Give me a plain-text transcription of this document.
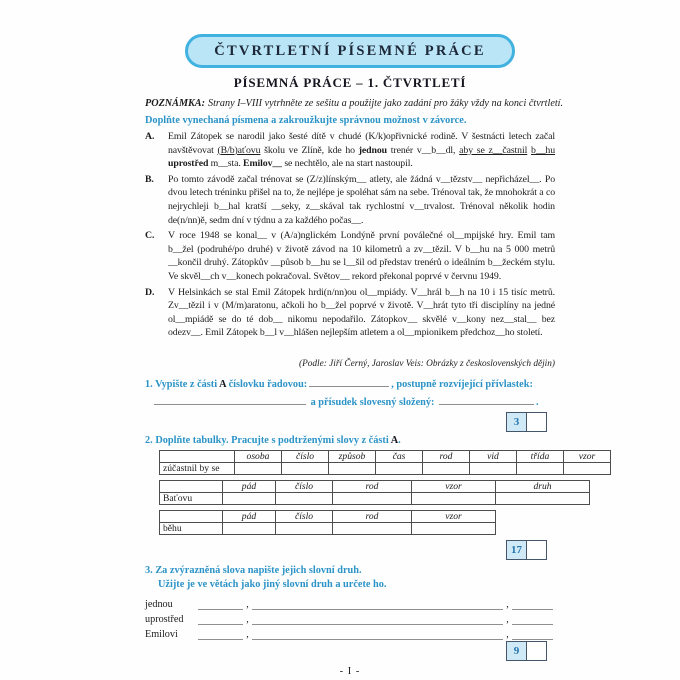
ČTVRTLETNÍ PÍSEMNÉ PRÁCE
PÍSEMNÁ PRÁCE – 1. ČTVRTLETÍ
POZNÁMKA: Strany I–VIII vytrhněte ze sešitu a použijte jako zadání pro žáky vždy na konci čtvrtletí.
Doplňte vynechaná písmena a zakroužkujte správnou možnost v závorce.
A. Emil Zátopek se narodil jako šesté dítě v chudé (K/k)opřivnické rodině. V šestnácti letech začal navštěvovat (B/b)aťovu školu ve Zlíně, kde ho jednou trenér v__b__dl, aby se z__častnil b__hu uprostřed m__sta. Emilov__ se nechtělo, ale na start nastoupil.
B. Po tomto závodě začal trénovat se (Z/z)línským__ atlety, ale žádná v__tězstv__ nepřicházel__. Po dvou letech tréninku přišel na to, že nejlépe je spoléhat sám na sebe. Trénoval tak, že mnohokrát a co nejrychleji b__hal kratší __seky, z__skával tak rychlostní v__trvalost. Trénoval několik hodin de(n/nn)ě, sedm dní v týdnu a za každého počas__.
C. V roce 1948 se konal__ v (A/a)nglickém Londýně první poválečné ol__mpijské hry. Emil tam b__žel (podruhé/po druhé) v životě závod na 10 kilometrů a zv__tězil. V b__hu na 5 000 metrů __končil druhý. Zátopkův __působ b__hu se l__šil od představ trenérů o ideálním b__žeckém stylu. Ve skvěl__ch v__konech pokračoval. Světov__ rekord překonal poprvé v červnu 1949.
D. V Helsinkách se stal Emil Zátopek hrdi(n/nn)ou ol__mpiády. V__hrál b__h na 10 i 15 tisíc metrů. Zv__tězil i v (M/m)aratonu, ačkoli ho b__žel poprvé v životě. V__hrát tyto tři disciplíny na jedné ol__mpiádě se do té dob__ nikomu nepodařilo. Zátopkov__ skvělé v__kony nez__stal__ bez odezv__. Emil Zátopek b__l v__hlášen nejlepším atletem a ol__mpionikem předchoz__ho století.
(Podle: Jiří Černý, Jaroslav Veis: Obrázky z československých dějin)
1. Vypište z části A číslovku řadovou:	, postupně rozvíjející přívlastek:
a přísudek slovesný složený:	.
3
2. Doplňte tabulky. Pracujte s podtrženými slovy z části A.
	osoba	číslo	způsob	čas	rod	vid	třída	vzor
zúčastnil by se								
	pád	číslo	rod	vzor	druh
Baťovu					
	pád	číslo	rod	vzor
běhu				
17
3. Za zvýrazněná slova napište jejich slovní druh.
Užijte je ve větách jako jiný slovní druh a určete ho.
jednou	,	,
uprostřed	,	,
Emilovi	,	,
9
- I -
